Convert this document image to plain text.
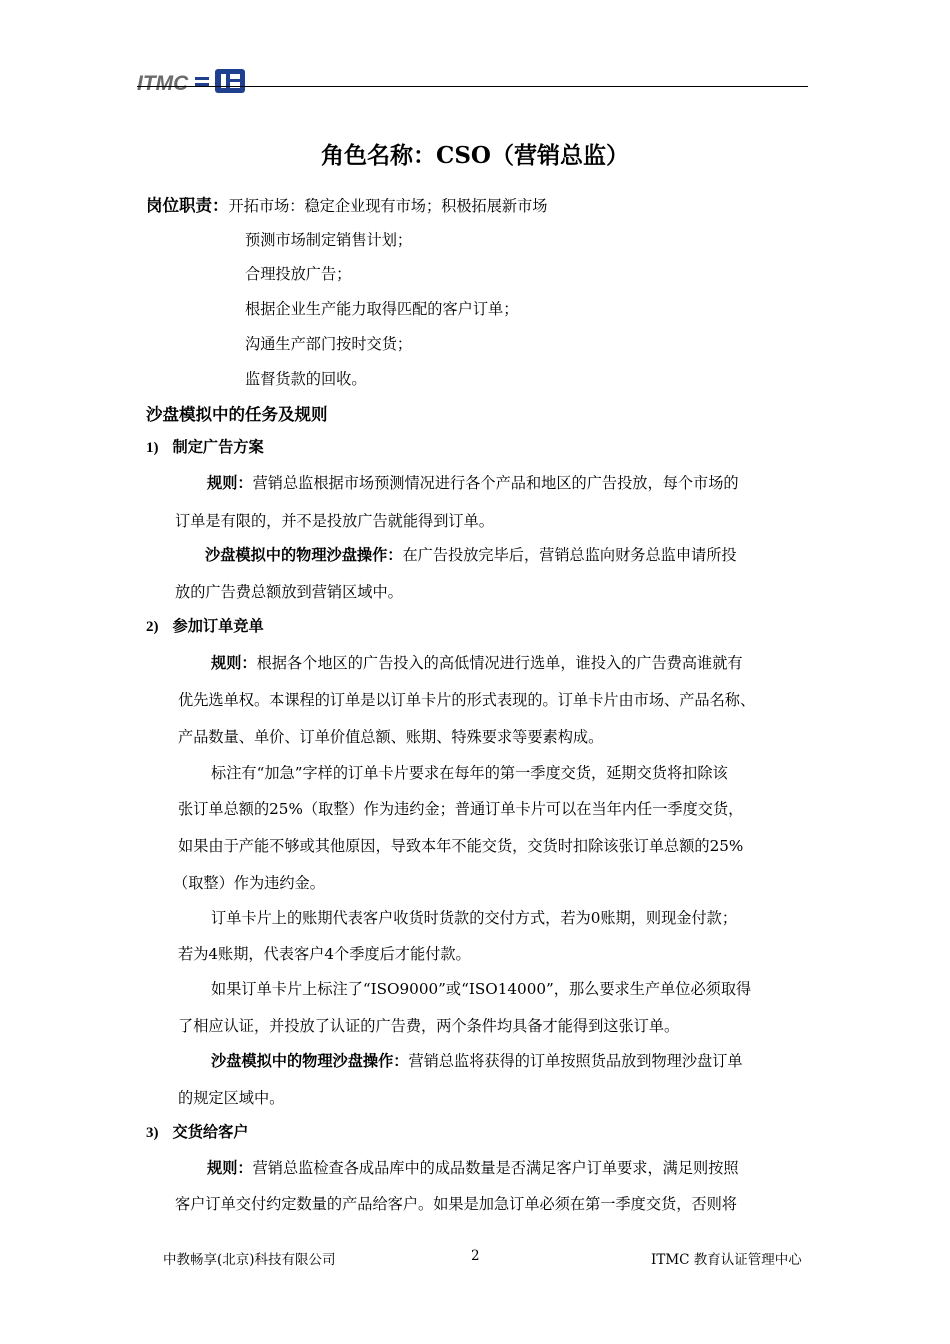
ITMC
角色名称：CSO（营销总监）
岗位职责：开拓市场：稳定企业现有市场；积极拓展新市场
预测市场制定销售计划；
合理投放广告；
根据企业生产能力取得匹配的客户订单；
沟通生产部门按时交货；
监督货款的回收。
沙盘模拟中的任务及规则
1) 制定广告方案
规则：营销总监根据市场预测情况进行各个产品和地区的广告投放，每个市场的
订单是有限的，并不是投放广告就能得到订单。
沙盘模拟中的物理沙盘操作：在广告投放完毕后，营销总监向财务总监申请所投
放的广告费总额放到营销区域中。
2) 参加订单竞单
规则：根据各个地区的广告投入的高低情况进行选单，谁投入的广告费高谁就有
优先选单权。本课程的订单是以订单卡片的形式表现的。订单卡片由市场、产品名称、
产品数量、单价、订单价值总额、账期、特殊要求等要素构成。
标注有“加急”字样的订单卡片要求在每年的第一季度交货，延期交货将扣除该
张订单总额的25%（取整）作为违约金；普通订单卡片可以在当年内任一季度交货，
如果由于产能不够或其他原因，导致本年不能交货，交货时扣除该张订单总额的25%
（取整）作为违约金。
订单卡片上的账期代表客户收货时货款的交付方式，若为0账期，则现金付款；
若为4账期，代表客户4个季度后才能付款。
如果订单卡片上标注了“ISO9000”或“ISO14000”，那么要求生产单位必须取得
了相应认证，并投放了认证的广告费，两个条件均具备才能得到这张订单。
沙盘模拟中的物理沙盘操作：营销总监将获得的订单按照货品放到物理沙盘订单
的规定区域中。
3) 交货给客户
规则：营销总监检查各成品库中的成品数量是否满足客户订单要求，满足则按照
客户订单交付约定数量的产品给客户。如果是加急订单必须在第一季度交货，否则将
中教畅享(北京)科技有限公司	2	ITMC 教育认证管理中心
